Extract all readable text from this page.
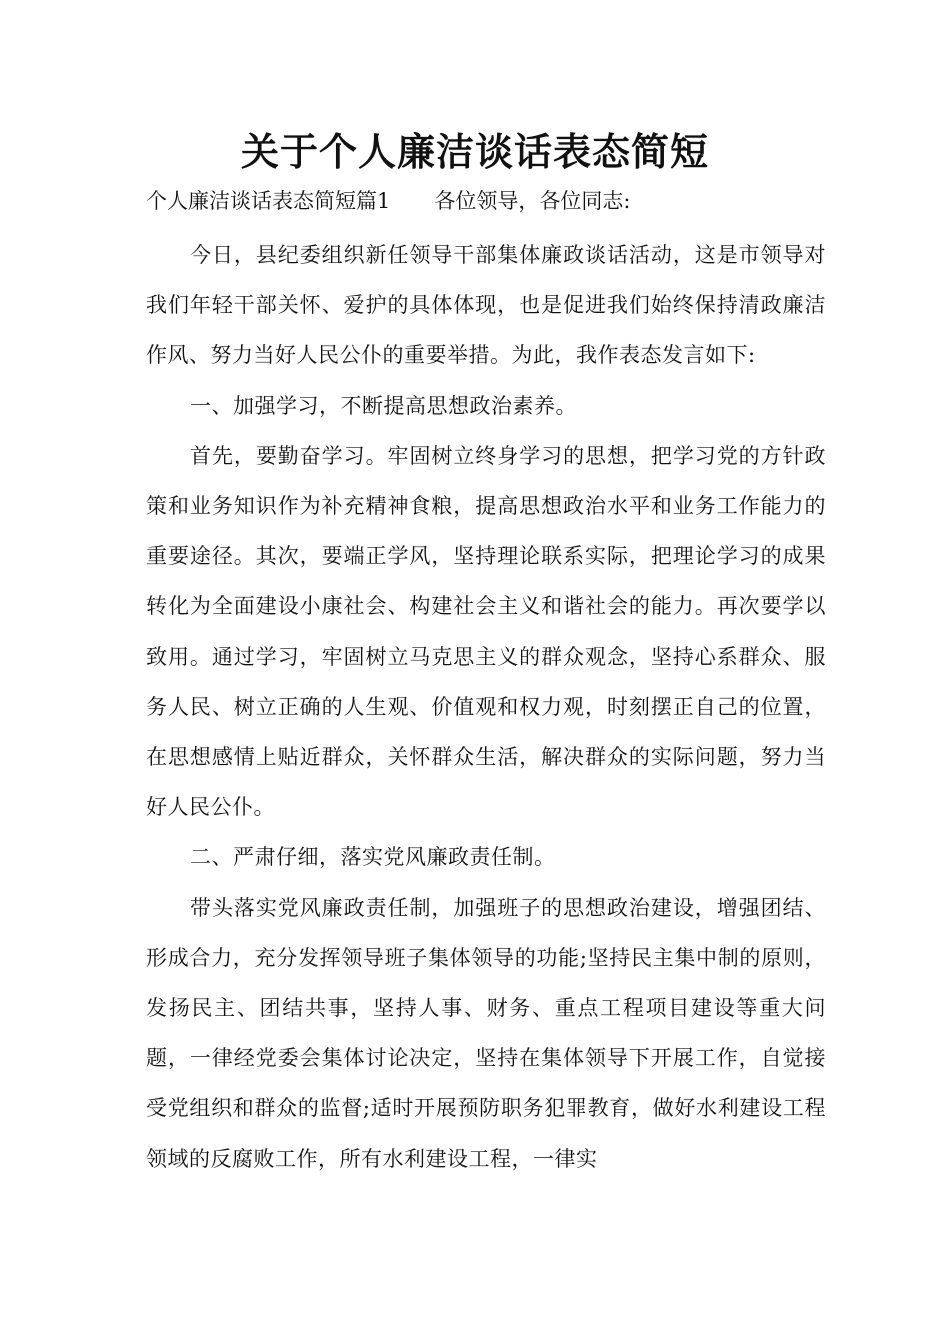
关于个人廉洁谈话表态简短
个人廉洁谈话表态简短篇1 各位领导，各位同志:

今日，县纪委组织新任领导干部集体廉政谈话活动，这是市领导对我们年轻干部关怀、爱护的具体体现，也是促进我们始终保持清政廉洁作风、努力当好人民公仆的重要举措。为此，我作表态发言如下:

一、加强学习，不断提高思想政治素养。

首先，要勤奋学习。牢固树立终身学习的思想，把学习党的方针政策和业务知识作为补充精神食粮，提高思想政治水平和业务工作能力的重要途径。其次，要端正学风，坚持理论联系实际，把理论学习的成果转化为全面建设小康社会、构建社会主义和谐社会的能力。再次要学以致用。通过学习，牢固树立马克思主义的群众观念，坚持心系群众、服务人民、树立正确的人生观、价值观和权力观，时刻摆正自己的位置，在思想感情上贴近群众，关怀群众生活，解决群众的实际问题，努力当好人民公仆。

二、严肃仔细，落实党风廉政责任制。

带头落实党风廉政责任制，加强班子的思想政治建设，增强团结、形成合力，充分发挥领导班子集体领导的功能;坚持民主集中制的原则，发扬民主、团结共事，坚持人事、财务、重点工程项目建设等重大问题，一律经党委会集体讨论决定，坚持在集体领导下开展工作，自觉接受党组织和群众的监督;适时开展预防职务犯罪教育，做好水利建设工程领域的反腐败工作，所有水利建设工程，一律实
